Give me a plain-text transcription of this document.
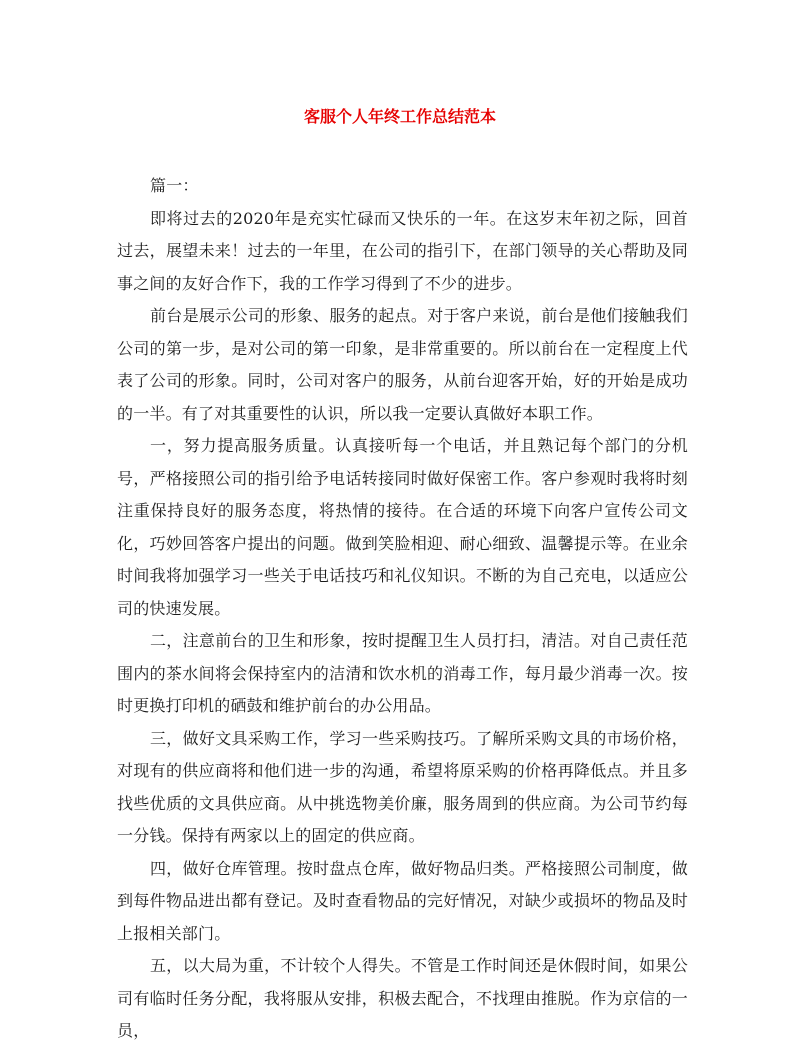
客服个人年终工作总结范本

篇一：

即将过去的2020年是充实忙碌而又快乐的一年。在这岁末年初之际，回首过去，展望未来！过去的一年里，在公司的指引下，在部门领导的关心帮助及同事之间的友好合作下，我的工作学习得到了不少的进步。

前台是展示公司的形象、服务的起点。对于客户来说，前台是他们接触我们公司的第一步，是对公司的第一印象，是非常重要的。所以前台在一定程度上代表了公司的形象。同时，公司对客户的服务，从前台迎客开始，好的开始是成功的一半。有了对其重要性的认识，所以我一定要认真做好本职工作。

一，努力提高服务质量。认真接听每一个电话，并且熟记每个部门的分机号，严格接照公司的指引给予电话转接同时做好保密工作。客户参观时我将时刻注重保持良好的服务态度，将热情的接待。在合适的环境下向客户宣传公司文化，巧妙回答客户提出的问题。做到笑脸相迎、耐心细致、温馨提示等。在业余时间我将加强学习一些关于电话技巧和礼仪知识。不断的为自己充电，以适应公司的快速发展。

二，注意前台的卫生和形象，按时提醒卫生人员打扫，清洁。对自己责任范围内的茶水间将会保持室内的洁清和饮水机的消毒工作，每月最少消毒一次。按时更换打印机的硒鼓和维护前台的办公用品。

三，做好文具采购工作，学习一些采购技巧。了解所采购文具的市场价格，对现有的供应商将和他们进一步的沟通，希望将原采购的价格再降低点。并且多找些优质的文具供应商。从中挑选物美价廉，服务周到的供应商。为公司节约每一分钱。保持有两家以上的固定的供应商。

四，做好仓库管理。按时盘点仓库，做好物品归类。严格接照公司制度，做到每件物品进出都有登记。及时查看物品的完好情况，对缺少或损坏的物品及时上报相关部门。

五，以大局为重，不计较个人得失。不管是工作时间还是休假时间，如果公司有临时任务分配，我将服从安排，积极去配合，不找理由推脱。作为京信的一员，
